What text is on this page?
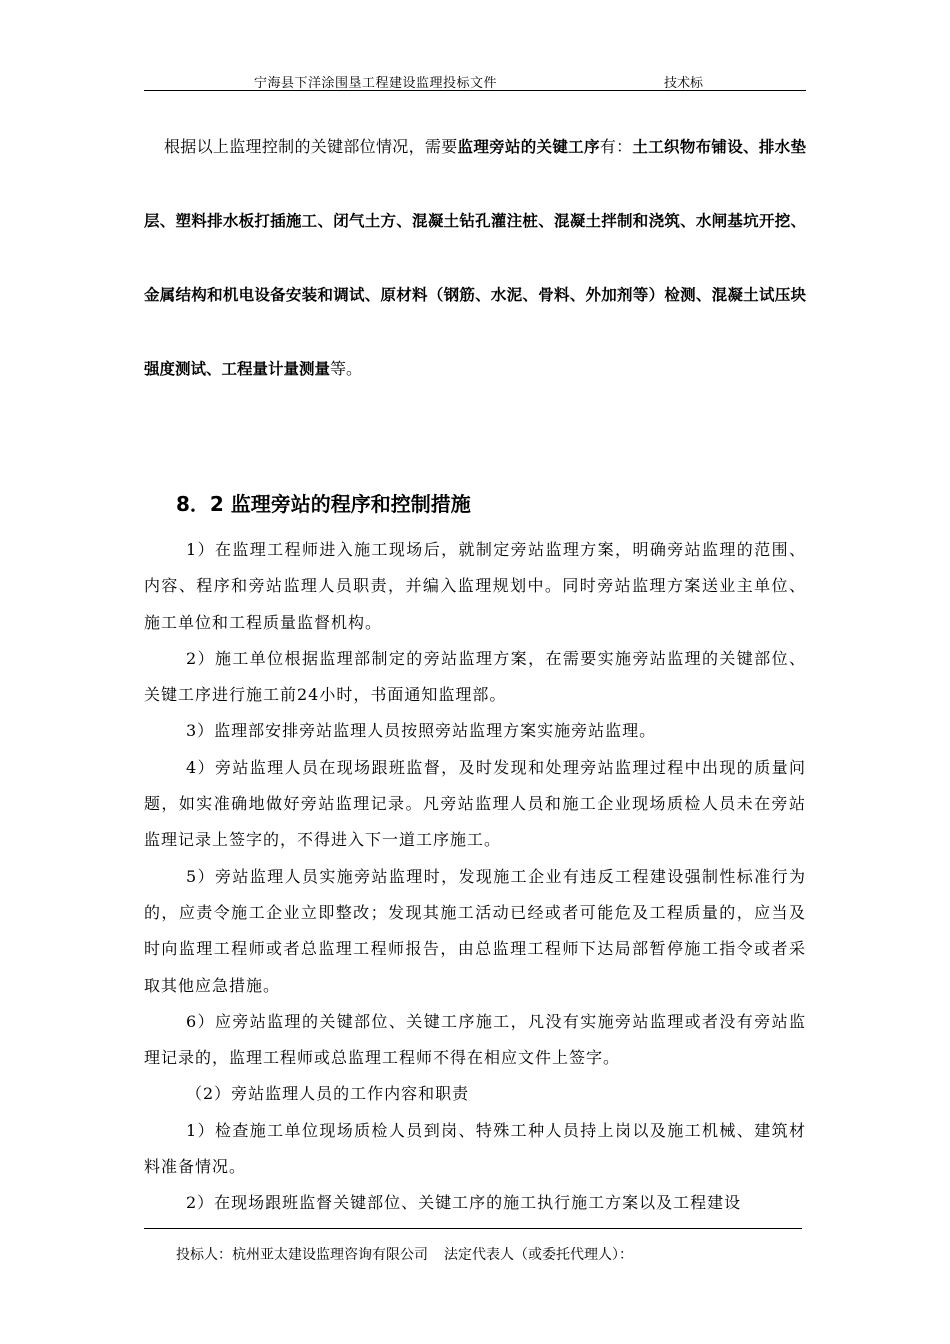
宁海县下洋涂围垦工程建设监理投标文件	技术标

根据以上监理控制的关键部位情况，需要监理旁站的关键工序有：土工织物布铺设、排水垫层、塑料排水板打插施工、闭气土方、混凝土钻孔灌注桩、混凝土拌制和浇筑、水闸基坑开挖、金属结构和机电设备安装和调试、原材料（钢筋、水泥、骨料、外加剂等）检测、混凝土试压块强度测试、工程量计量测量等。

8．2 监理旁站的程序和控制措施

1）在监理工程师进入施工现场后，就制定旁站监理方案，明确旁站监理的范围、内容、程序和旁站监理人员职责，并编入监理规划中。同时旁站监理方案送业主单位、施工单位和工程质量监督机构。

2）施工单位根据监理部制定的旁站监理方案，在需要实施旁站监理的关键部位、关键工序进行施工前24小时，书面通知监理部。

3）监理部安排旁站监理人员按照旁站监理方案实施旁站监理。

4）旁站监理人员在现场跟班监督，及时发现和处理旁站监理过程中出现的质量问题，如实准确地做好旁站监理记录。凡旁站监理人员和施工企业现场质检人员未在旁站监理记录上签字的，不得进入下一道工序施工。

5）旁站监理人员实施旁站监理时，发现施工企业有违反工程建设强制性标准行为的，应责令施工企业立即整改；发现其施工活动已经或者可能危及工程质量的，应当及时向监理工程师或者总监理工程师报告，由总监理工程师下达局部暂停施工指令或者采取其他应急措施。

6）应旁站监理的关键部位、关键工序施工，凡没有实施旁站监理或者没有旁站监理记录的，监理工程师或总监理工程师不得在相应文件上签字。

（2）旁站监理人员的工作内容和职责

1）检查施工单位现场质检人员到岗、特殊工种人员持上岗以及施工机械、建筑材料准备情况。

2）在现场跟班监督关键部位、关键工序的施工执行施工方案以及工程建设

投标人：杭州亚太建设监理咨询有限公司 法定代表人（或委托代理人）：
